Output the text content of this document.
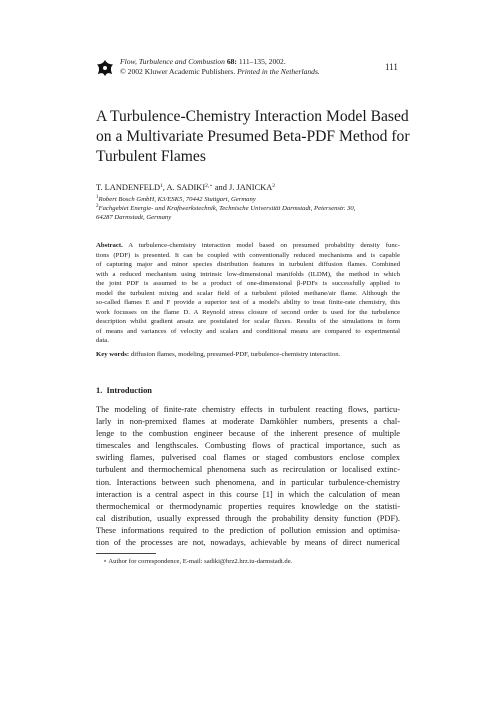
Flow, Turbulence and Combustion 68: 111–135, 2002.
© 2002 Kluwer Academic Publishers. Printed in the Netherlands.	111
A Turbulence-Chemistry Interaction Model Based
on a Multivariate Presumed Beta-PDF Method for
Turbulent Flames
T. LANDENFELD$^1$, A. $SADIKI^{2,⋆}$ and J. JANICKA$^2$
$^1$Robert Bosch GmbH, K3/ESK5, 70442 Stuttgart, Germany
$^2$Fachgebiet Energie- und Kraftwerkstechnik, Technische Universität Darmstadt, Petersenstr. 30,
64287 Darmstadt, Germany
Abstract. A turbulence-chemistry interaction model based on presumed probability density func-
tions (PDF) is presented. It can be coupled with conventionally reduced mechanisms and is capable
of capturing major and minor species distribution features in turbulent diffusion flames. Combined
with a reduced mechanism using intrinsic low-dimensional manifolds (ILDM), the method in which
the joint PDF is assumed to be a product of one-dimensional β-PDFs is successfully applied to
model the turbulent mixing and scalar field of a turbulent piloted methane/air flame. Although the
so-called flames E and F provide a superior test of a model's ability to treat finite-rate chemistry, this
work focusses on the flame D. A Reynold stress closure of second order is used for the turbulence
description whilst gradient ansatz are postulated for scalar fluxes. Results of the simulations in form
of means and variances of velocity and scalars and conditional means are compared to experimental
data.
Key words: diffusion flames, modeling, presumed-PDF, turbulence-chemistry interaction.
1. Introduction
The modeling of finite-rate chemistry effects in turbulent reacting flows, particu-
larly in non-premixed flames at moderate Damköhler numbers, presents a chal-
lenge to the combustion engineer because of the inherent presence of multiple
timescales and lengthscales. Combusting flows of practical importance, such as
swirling flames, pulverised coal flames or staged combustors enclose complex
turbulent and thermochemical phenomena such as recirculation or localised extinc-
tion. Interactions between such phenomena, and in particular turbulence-chemistry
interaction is a central aspect in this course [1] in which the calculation of mean
thermochemical or thermodynamic properties requires knowledge on the statisti-
cal distribution, usually expressed through the probability density function (PDF).
These informations required to the prediction of pollution emission and optimisa-
tion of the processes are not, nowadays, achievable by means of direct numerical
⋆ Author for correspondence, E-mail: sadiki@hrz2.hrz.tu-darmstadt.de.
